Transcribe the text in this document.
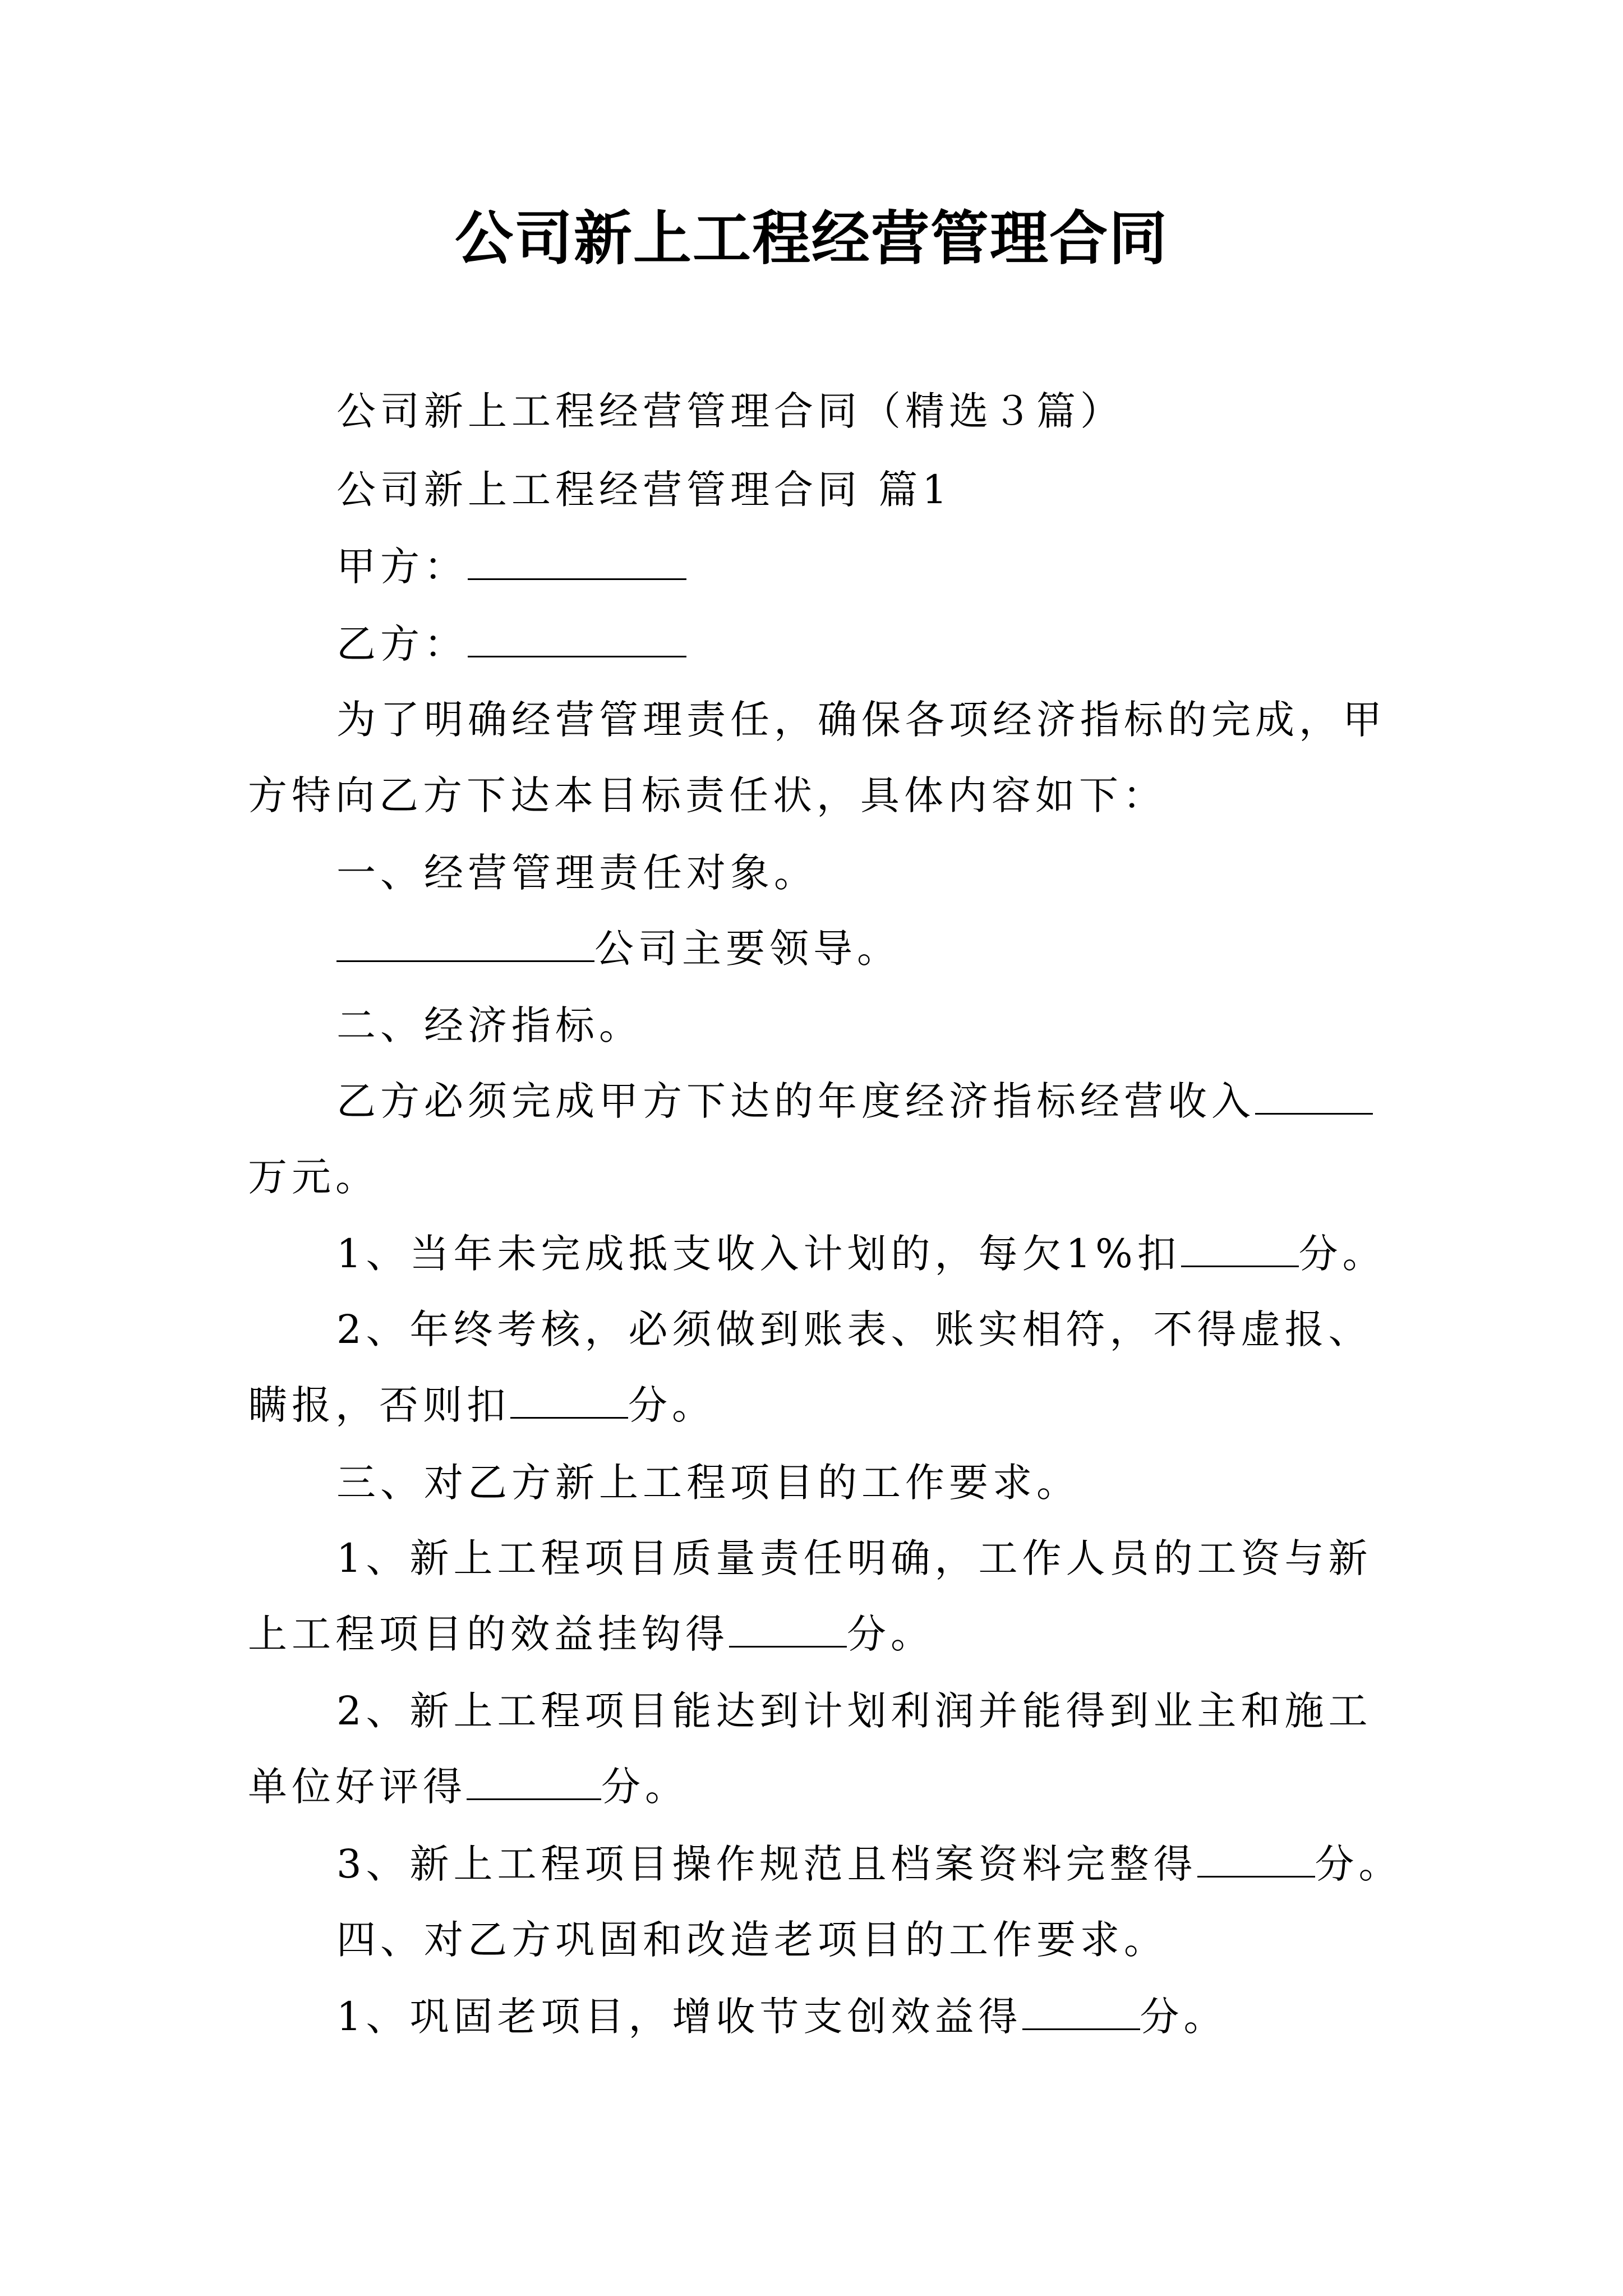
公司新上工程经营管理合同
公司新上工程经营管理合同（精选３篇）
公司新上工程经营管理合同 篇1
甲方：
乙方：
为了明确经营管理责任，确保各项经济指标的完成，甲
方特向乙方下达本目标责任状，具体内容如下：
一、经营管理责任对象。
公司主要领导。
二、经济指标。
乙方必须完成甲方下达的年度经济指标经营收入
万元。
1、当年未完成抵支收入计划的，每欠1%扣	分。
2、年终考核，必须做到账表、账实相符，不得虚报、
瞒报，否则扣	分。
三、对乙方新上工程项目的工作要求。
1、新上工程项目质量责任明确，工作人员的工资与新
上工程项目的效益挂钩得	分。
2、新上工程项目能达到计划利润并能得到业主和施工
单位好评得	分。
3、新上工程项目操作规范且档案资料完整得	分。
四、对乙方巩固和改造老项目的工作要求。
1、巩固老项目，增收节支创效益得	分。
